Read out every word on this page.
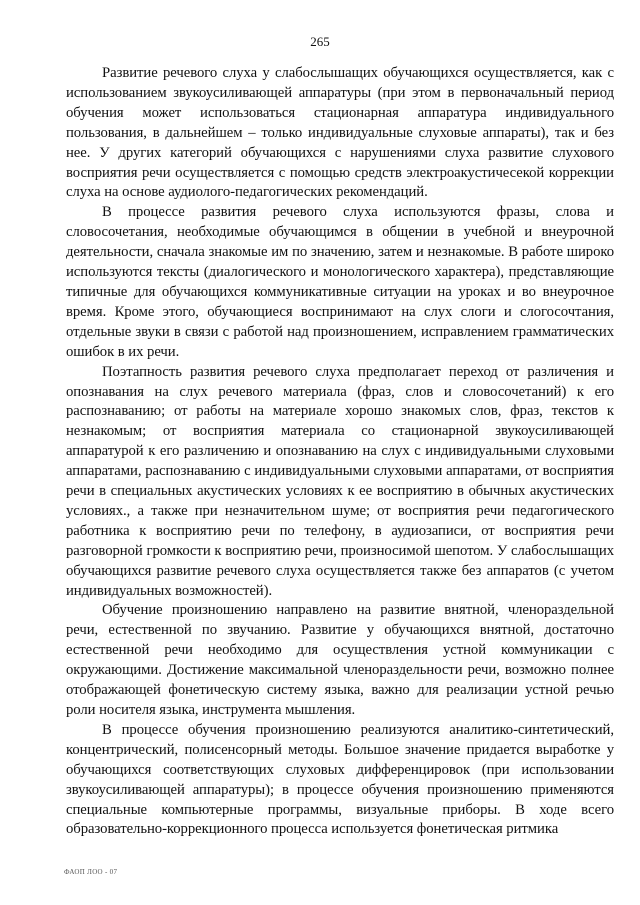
265

Развитие речевого слуха у слабослышащих обучающихся осуществляется, как с использованием звукоусиливающей аппаратуры (при этом в первоначальный период обучения может использоваться стационарная аппаратура индивидуального пользования, в дальнейшем – только индивидуальные слуховые аппараты), так и без нее. У других категорий обучающихся с нарушениями слуха развитие слухового восприятия речи осуществляется с помощью средств электроакустичесекой коррекции слуха на основе аудиолого-педагогических рекомендаций.

В процессе развития речевого слуха используются фразы, слова и словосочетания, необходимые обучающимся в общении в учебной и внеурочной деятельности, сначала знакомые им по значению, затем и незнакомые. В работе широко используются тексты (диалогического и монологического характера), представляющие типичные для обучающихся коммуникативные ситуации на уроках и во внеурочное время. Кроме этого, обучающиеся воспринимают на слух слоги и слогосочтания, отдельные звуки в связи с работой над произношением, исправлением грамматических ошибок в их речи.

Поэтапность развития речевого слуха предполагает переход от различения и опознавания на слух речевого материала (фраз, слов и словосочетаний) к его распознаванию; от работы на материале хорошо знакомых слов, фраз, текстов к незнакомым; от восприятия материала со стационарной звукоусиливающей аппаратурой к его различению и опознаванию на слух с индивидуальными слуховыми аппаратами, распознаванию с индивидуальными слуховыми аппаратами, от восприятия речи в специальных акустических условиях к ее восприятию в обычных акустических условиях., а также при незначительном шуме; от восприятия речи педагогического работника к восприятию речи по телефону, в аудиозаписи, от восприятия речи разговорной громкости к восприятию речи, произносимой шепотом. У слабослышащих обучающихся развитие речевого слуха осуществляется также без аппаратов (с учетом индивидуальных возможностей).

Обучение произношению направлено на развитие внятной, членораздельной речи, естественной по звучанию. Развитие у обучающихся внятной, достаточно естественной речи необходимо для осуществления устной коммуникации с окружающими. Достижение максимальной членораздельности речи, возможно полнее отображающей фонетическую систему языка, важно для реализации устной речью роли носителя языка, инструмента мышления.

В процессе обучения произношению реализуются аналитико-синтетический, концентрический, полисенсорный методы. Большое значение придается выработке у обучающихся соответствующих слуховых дифференцировок (при использовании звукоусиливающей аппаратуры); в процессе обучения произношению применяются специальные компьютерные программы, визуальные приборы. В ходе всего образовательно-коррекционного процесса используется фонетическая ритмика

ФАОП ЛОО - 07
